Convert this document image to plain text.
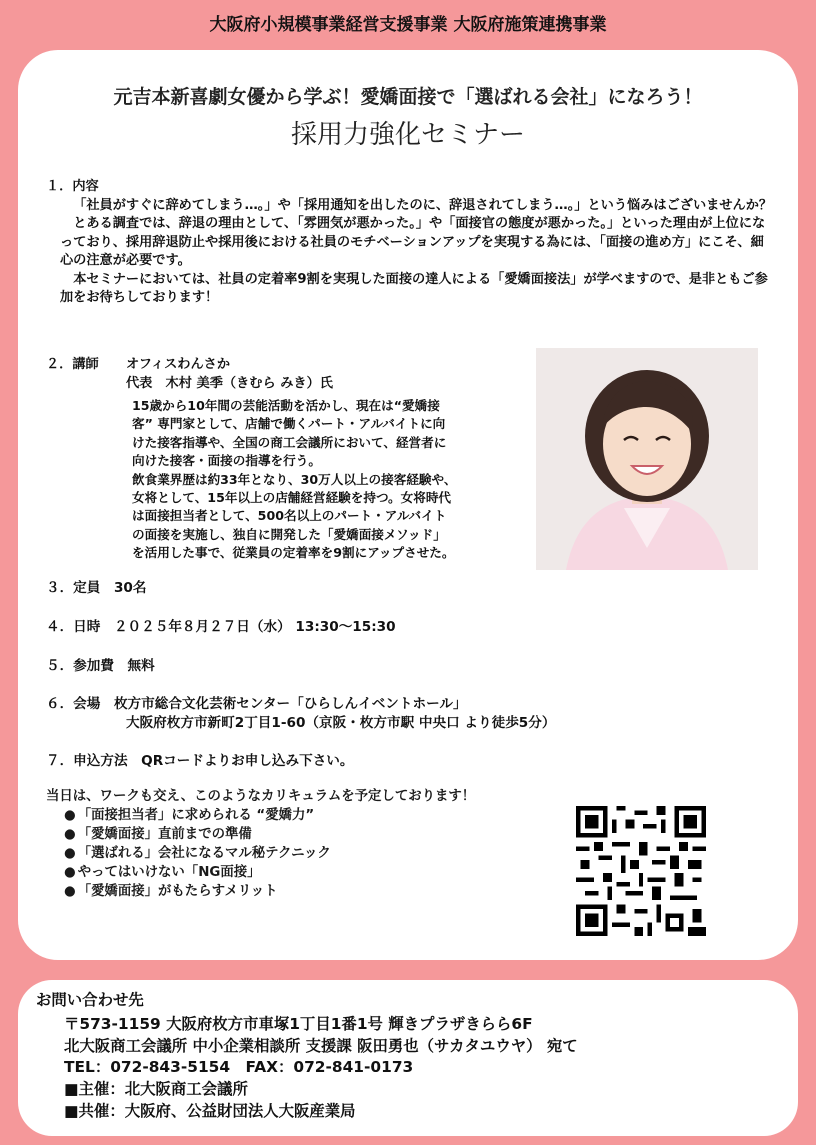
大阪府小規模事業経営支援事業 大阪府施策連携事業
元吉本新喜劇女優から学ぶ！愛嬌面接で「選ばれる会社」になろう！
採用力強化セミナー
１．内容
「社員がすぐに辞めてしまう…。」や「採用通知を出したのに、辞退されてしまう…。」という悩みはございませんか？
とある調査では、辞退の理由として、「雰囲気が悪かった。」や「面接官の態度が悪かった。」といった理由が上位になっており、採用辞退防止や採用後における社員のモチベーションアップを実現する為には、「面接の進め方」にこそ、細心の注意が必要です。
本セミナーにおいては、社員の定着率9割を実現した面接の達人による「愛嬌面接法」が学べますので、是非ともご参加をお待ちしております！
２．講師	オフィスわんさか
代表　木村 美季（きむら みき）氏
15歳から10年間の芸能活動を活かし、現在は“愛嬌接
客” 専門家として、店舗で働くパート・アルバイトに向
けた接客指導や、全国の商工会議所において、経営者に
向けた接客・面接の指導を行う。
飲食業界歴は約33年となり、30万人以上の接客経験や、
女将として、15年以上の店舗経営経験を持つ。女将時代
は面接担当者として、500名以上のパート・アルバイト
の面接を実施し、独自に開発した「愛嬌面接メソッド」
を活用した事で、従業員の定着率を9割にアップさせた。
３．定員　30名
４．日時　２０２５年８月２７日（水） 13:30～15:30
５．参加費　無料
６．会場　枚方市総合文化芸術センター「ひらしんイベントホール」
大阪府枚方市新町2丁目1-60（京阪・枚方市駅 中央口 より徒歩5分）
７．申込方法　QRコードよりお申し込み下さい。
当日は、ワークも交え、このようなカリキュラムを予定しております！
● 「面接担当者」に求められる “愛嬌力”
● 「愛嬌面接」直前までの準備
● 「選ばれる」会社になるマル秘テクニック
● やってはいけない「NG面接」
● 「愛嬌面接」がもたらすメリット
お問い合わせ先
〒573-1159 大阪府枚方市車塚1丁目1番1号 輝きプラザきらら6F
北大阪商工会議所 中小企業相談所 支援課 阪田勇也（サカタユウヤ） 宛て
TEL：072-843-5154　FAX：072-841-0173
■主催：北大阪商工会議所
■共催：大阪府、公益財団法人大阪産業局
